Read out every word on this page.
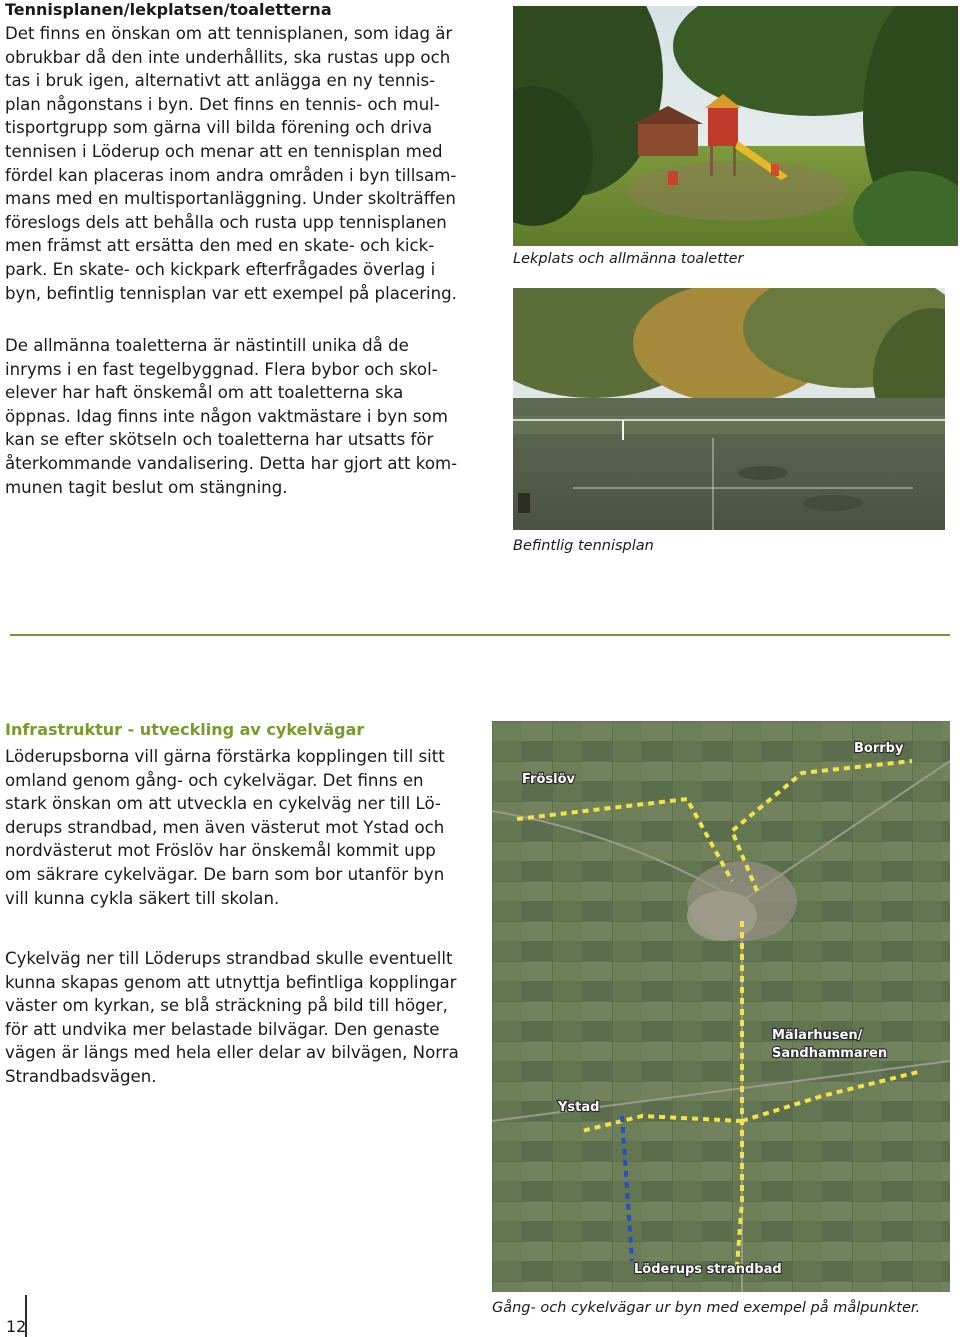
Tennisplanen/lekplatsen/toaletterna

Det finns en önskan om att tennisplanen, som idag är

obrukbar då den inte underhållits, ska rustas upp och

tas i bruk igen, alternativt att anlägga en ny tennis-

plan någonstans i byn. Det finns en tennis- och mul-

tisportgrupp som gärna vill bilda förening och driva

tennisen i Löderup och menar att en tennisplan med

fördel kan placeras inom andra områden i byn tillsam-

mans med en multisportanläggning. Under skolträffen

föreslogs dels att behålla och rusta upp tennisplanen

men främst att ersätta den med en skate- och kick-

park. En skate- och kickpark efterfrågades överlag i

byn, befintlig tennisplan var ett exempel på placering.

De allmänna toaletterna är nästintill unika då de

inryms i en fast tegelbyggnad. Flera bybor och skol-

elever har haft önskemål om att toaletterna ska

öppnas. Idag finns inte någon vaktmästare i byn som

kan se efter skötseln och toaletterna har utsatts för

återkommande vandalisering. Detta har gjort att kom-

munen tagit beslut om stängning.

Lekplats och allmänna toaletter
Befintlig tennisplan
Infrastruktur - utveckling av cykelvägar

Löderupsborna vill gärna förstärka kopplingen till sitt

omland genom gång- och cykelvägar. Det finns en

stark önskan om att utveckla en cykelväg ner till Lö-

derups strandbad, men även västerut mot Ystad och

nordvästerut mot Fröslöv har önskemål kommit upp

om säkrare cykelvägar. De barn som bor utanför byn

vill kunna cykla säkert till skolan.

Cykelväg ner till Löderups strandbad skulle eventuellt

kunna skapas genom att utnyttja befintliga kopplingar

väster om kyrkan, se blå sträckning på bild till höger,

för att undvika mer belastade bilvägar. Den genaste

vägen är längs med hela eller delar av bilvägen, Norra

Strandbadsvägen.

Fröslöv
Borrby
Mälarhusen/
Sandhammaren
Ystad
Löderups strandbad
Gång- och cykelvägar ur byn med exempel på målpunkter.
12
